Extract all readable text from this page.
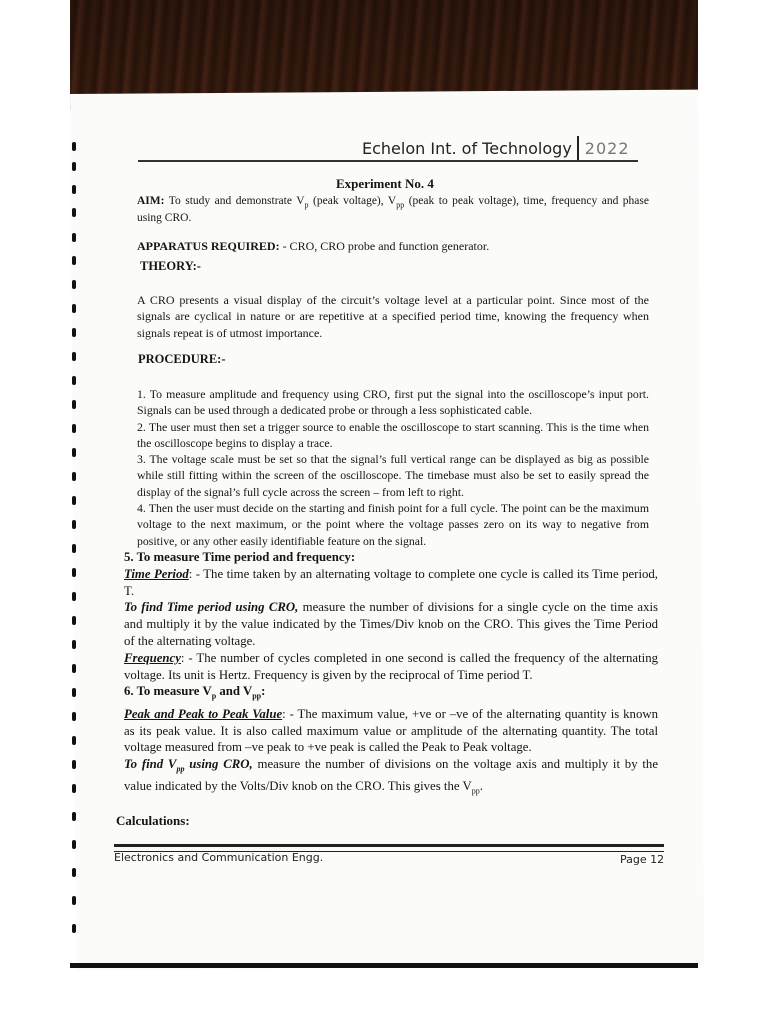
Echelon Int. of Technology 2022
Experiment No. 4
AIM: To study and demonstrate $V_p$ (peak voltage), $V_{pp}$ (peak to peak voltage), time, frequency and phase using CRO.
APPARATUS REQUIRED: - CRO, CRO probe and function generator.
THEORY:-
A CRO presents a visual display of the circuit’s voltage level at a particular point. Since most of the signals are cyclical in nature or are repetitive at a specified period time, knowing the frequency when signals repeat is of utmost importance.
PROCEDURE:-
1. To measure amplitude and frequency using CRO, first put the signal into the oscilloscope’s input port. Signals can be used through a dedicated probe or through a less sophisticated cable.
2. The user must then set a trigger source to enable the oscilloscope to start scanning. This is the time when the oscilloscope begins to display a trace.
3. The voltage scale must be set so that the signal’s full vertical range can be displayed as big as possible while still fitting within the screen of the oscilloscope. The timebase must also be set to easily spread the display of the signal’s full cycle across the screen – from left to right.
4. Then the user must decide on the starting and finish point for a full cycle. The point can be the maximum voltage to the next maximum, or the point where the voltage passes zero on its way to negative from positive, or any other easily identifiable feature on the signal.
5. To measure Time period and frequency:
Time Period: - The time taken by an alternating voltage to complete one cycle is called its Time period, T.
To find Time period using CRO, measure the number of divisions for a single cycle on the time axis and multiply it by the value indicated by the Times/Div knob on the CRO. This gives the Time Period of the alternating voltage.
Frequency: - The number of cycles completed in one second is called the frequency of the alternating voltage. Its unit is Hertz. Frequency is given by the reciprocal of Time period T.
6. To measure $V_p$ and $V_{pp}$:
Peak and Peak to Peak Value: - The maximum value, +ve or –ve of the alternating quantity is known as its peak value. It is also called maximum value or amplitude of the alternating quantity. The total voltage measured from –ve peak to +ve peak is called the Peak to Peak voltage.
To find $V_{pp}$ using CRO, measure the number of divisions on the voltage axis and multiply it by the value indicated by the Volts/Div knob on the CRO. This gives the $V_{pp}$.
Calculations:
Electronics and Communication Engg.	Page 12
